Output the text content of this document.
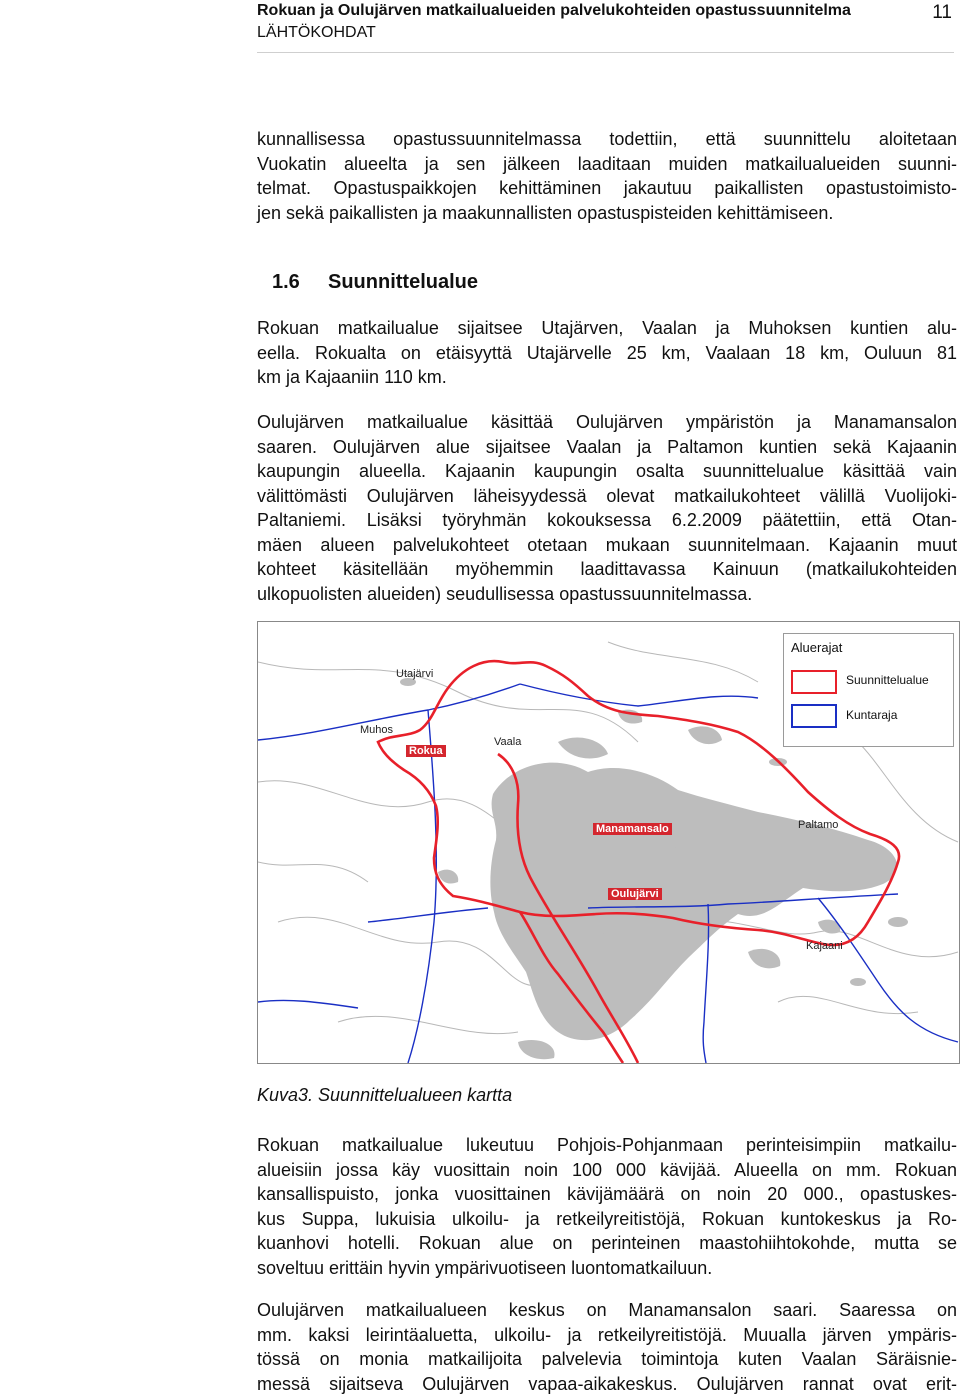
Rokuan ja Oulujärven matkailualueiden palvelukohteiden opastussuunnitelma
LÄHTÖKOHDAT
11

kunnallisessa opastussuunnitelmassa todettiin, että suunnittelu aloitetaan
Vuokatin alueelta ja sen jälkeen laaditaan muiden matkailualueiden suunni-
telmat. Opastuspaikkojen kehittäminen jakautuu paikallisten opastustoimisto-
jen sekä paikallisten ja maakunnallisten opastuspisteiden kehittämiseen.

1.6 Suunnittelualue

Rokuan matkailualue sijaitsee Utajärven, Vaalan ja Muhoksen kuntien alu-
eella. Rokualta on etäisyyttä Utajärvelle 25 km, Vaalaan 18 km, Ouluun 81
km ja Kajaaniin 110 km.

Oulujärven matkailualue käsittää Oulujärven ympäristön ja Manamansalon
saaren. Oulujärven alue sijaitsee Vaalan ja Paltamon kuntien sekä Kajaanin
kaupungin alueella. Kajaanin kaupungin osalta suunnittelualue käsittää vain
välittömästi Oulujärven läheisyydessä olevat matkailukohteet välillä Vuolijoki-
Paltaniemi. Lisäksi työryhmän kokouksessa 6.2.2009 päätettiin, että Otan-
mäen alueen palvelukohteet otetaan mukaan suunnitelmaan. Kajaanin muut
kohteet käsitellään myöhemmin laadittavassa Kainuun (matkailukohteiden
ulkopuolisten alueiden) seudullisessa opastussuunnitelmassa.

Utajärvi
Muhos
Rokua
Vaala
Manamansalo	Paltamo
Oulujärvi
Kajaani
Aluerajat
Suunnittelualue
Kuntaraja

Kuva3. Suunnittelualueen kartta

Rokuan matkailualue lukeutuu Pohjois-Pohjanmaan perinteisimpiin matkailu-
alueisiin jossa käy vuosittain noin 100 000 kävijää. Alueella on mm. Rokuan
kansallispuisto, jonka vuosittainen kävijämäärä on noin 20 000., opastuskes-
kus Suppa, lukuisia ulkoilu- ja retkeilyreitistöjä, Rokuan kuntokeskus ja Ro-
kuanhovi hotelli. Rokuan alue on perinteinen maastohiihtokohde, mutta se
soveltuu erittäin hyvin ympärivuotiseen luontomatkailuun.

Oulujärven matkailualueen keskus on Manamansalon saari. Saaressa on
mm. kaksi leirintäaluetta, ulkoilu- ja retkeilyreitistöjä. Muualla järven ympäris-
tössä on monia matkailijoita palvelevia toimintoja kuten Vaalan Säräisnie-
messä sijaitseva Oulujärven vapaa-aikakeskus. Oulujärven rannat ovat erit-
